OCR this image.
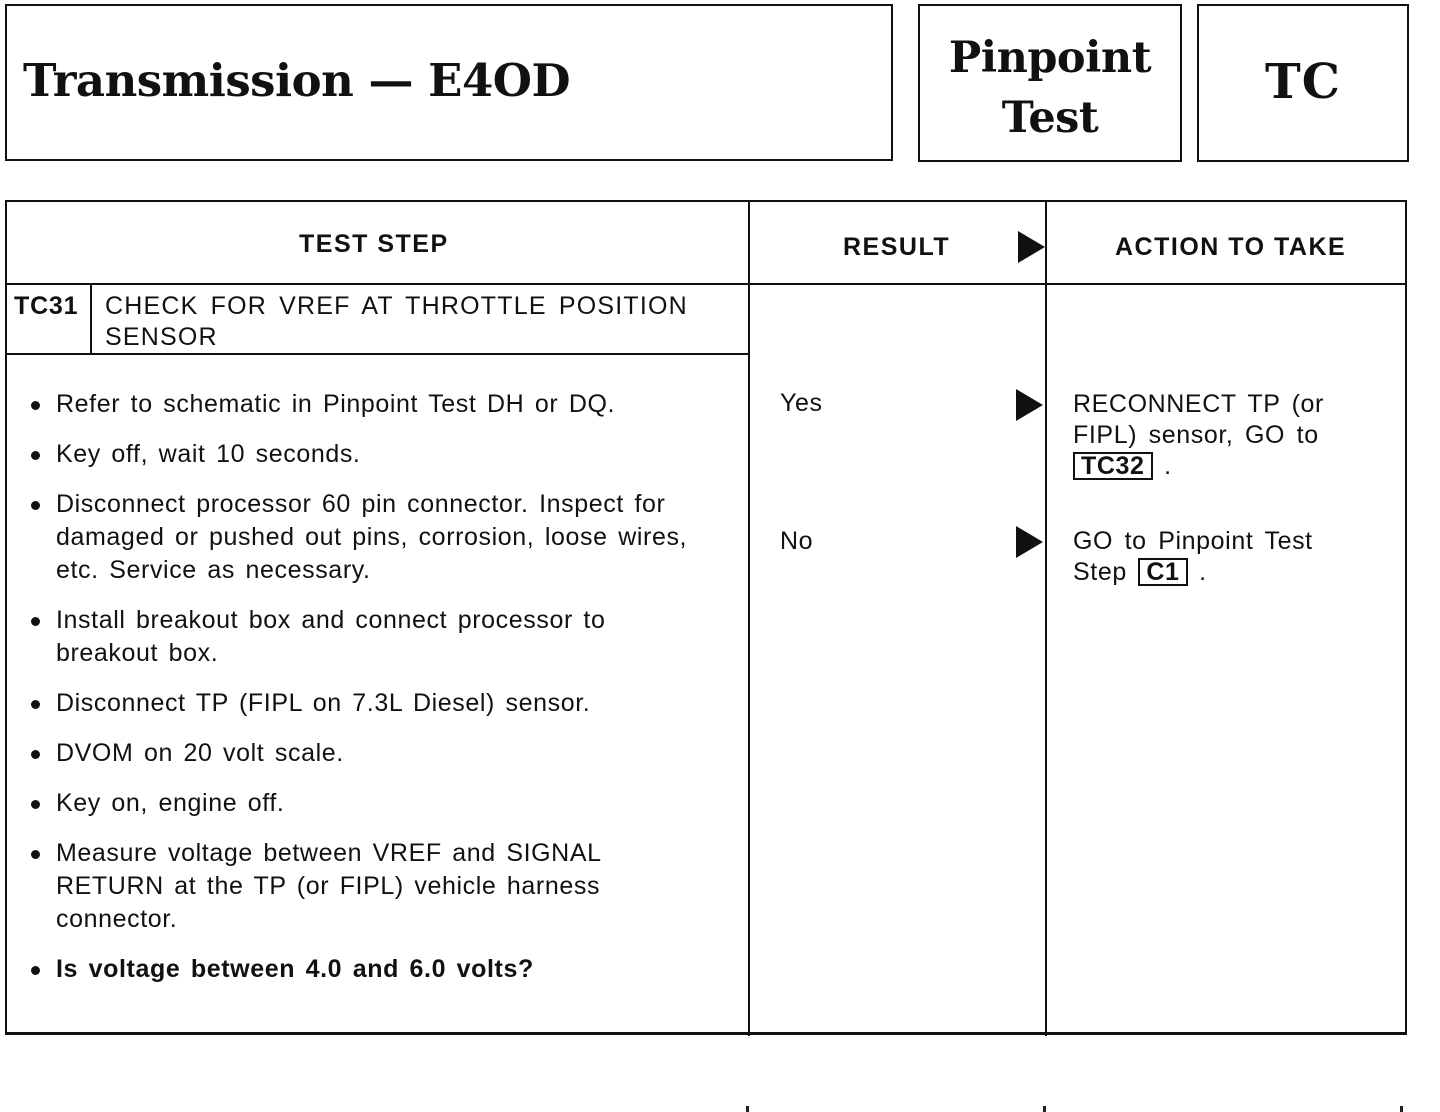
Transmission — E4OD	Pinpoint
Test
TC
TEST STEP	RESULT	ACTION TO TAKE
TC31 CHECK FOR VREF AT THROTTLE POSITION SENSOR
Refer to schematic in Pinpoint Test DH or DQ.
Key off, wait 10 seconds.
Disconnect processor 60 pin connector. Inspect for damaged or pushed out pins, corrosion, loose wires, etc. Service as necessary.
Install breakout box and connect processor to breakout box.
Disconnect TP (FIPL on 7.3L Diesel) sensor.
DVOM on 20 volt scale.
Key on, engine off.
Measure voltage between VREF and SIGNAL RETURN at the TP (or FIPL) vehicle harness connector.
Is voltage between 4.0 and 6.0 volts?
Yes	RECONNECT TP (or FIPL) sensor, GO to TC32 .
No	GO to Pinpoint Test Step C1 .
